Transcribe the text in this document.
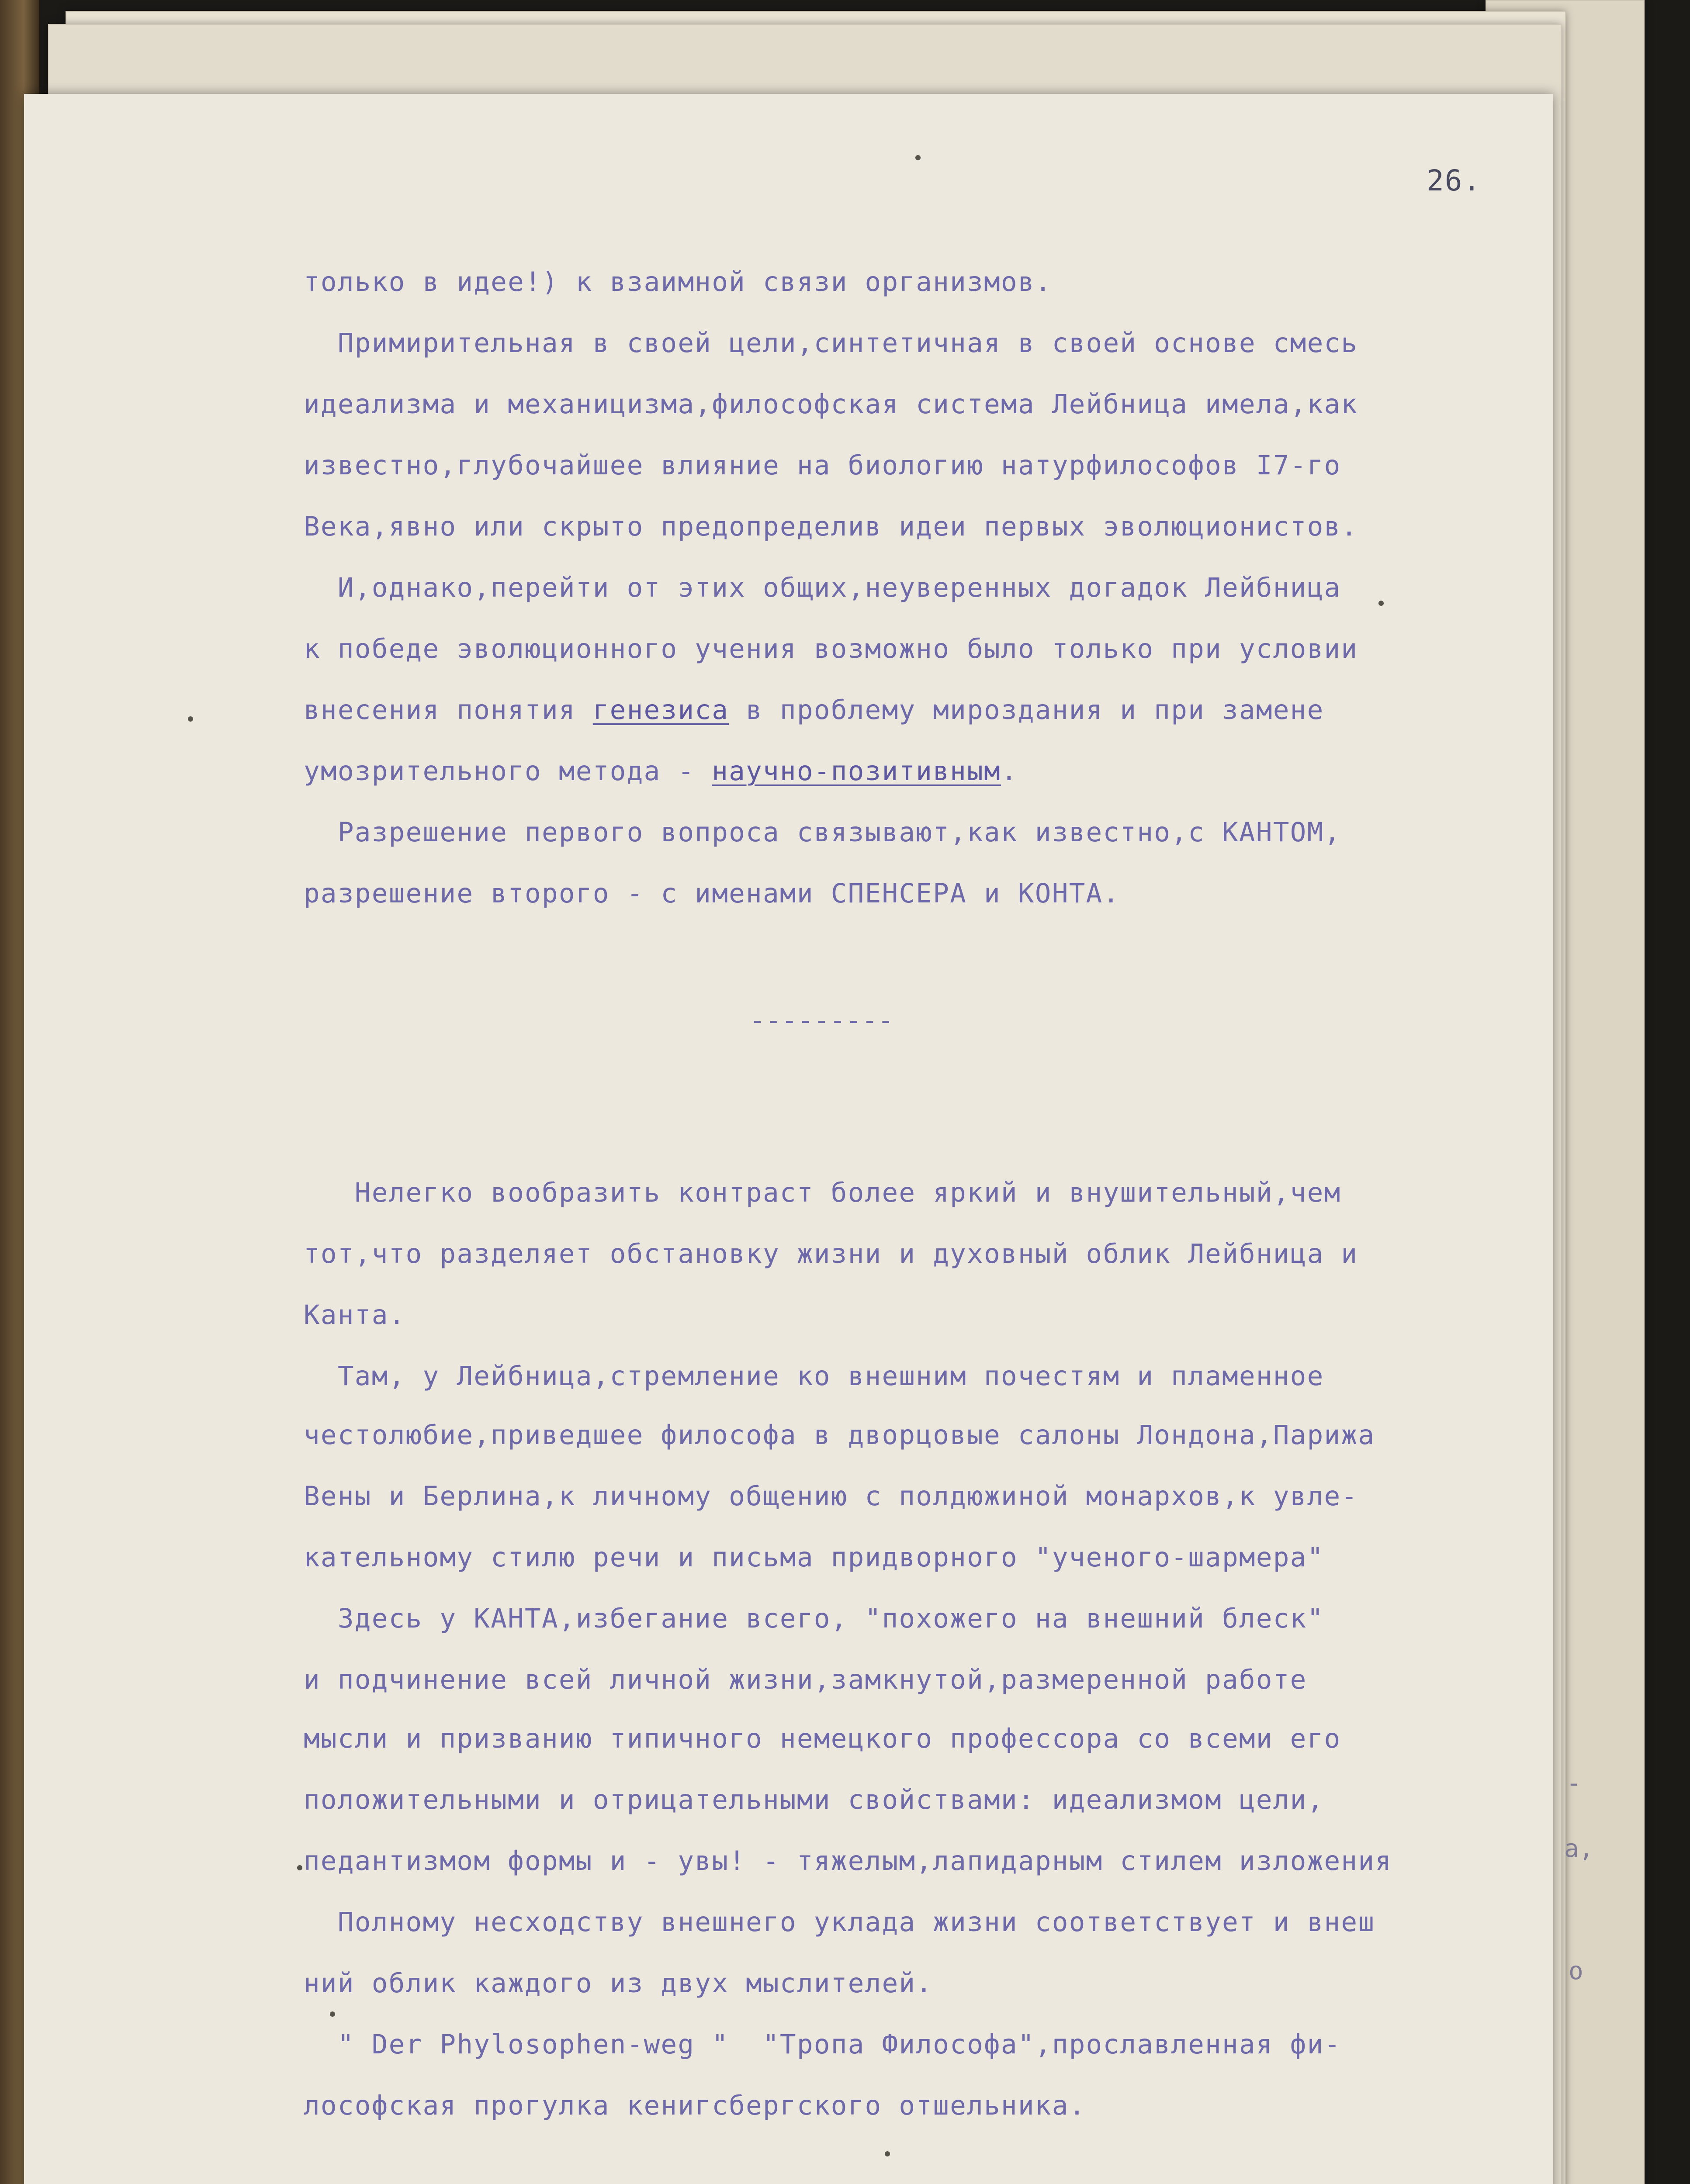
26.
только в идее!) к взаимной связи организмов.
Примирительная в своей цели,синтетичная в своей основе смесь
идеализма и механицизма,философская система Лейбница имела,как
известно,глубочайшее влияние на биологию натурфилософов I7-го
Века,явно или скрыто предопределив идеи первых эволюционистов.
И,однако,перейти от этих общих,неуверенных догадок Лейбница
к победе эволюционного учения возможно было только при условии
внесения понятия генезиса в проблему мироздания и при замене
умозрительного метода - научно-позитивным.
Разрешение первого вопроса связывают,как известно,с КАНТОМ,
разрешение второго - с именами СПЕНСЕРА и КОНТА.
---------
Нелегко вообразить контраст более яркий и внушительный,чем
тот,что разделяет обстановку жизни и духовный облик Лейбница и
Канта.
Там, у Лейбница,стремление ко внешним почестям и пламенное
честолюбие,приведшее философа в дворцовые салоны Лондона,Парижа
Вены и Берлина,к личному общению с полдюжиной монархов,к увле-
кательному стилю речи и письма придворного "ученого-шармера"
Здесь у КАНТА,избегание всего, "похожего на внешний блеск"
и подчинение всей личной жизни,замкнутой,размеренной работе
мысли и призванию типичного немецкого профессора со всеми его
положительными и отрицательными свойствами: идеализмом цели,
педантизмом формы и - увы! - тяжелым,лапидарным стилем изложения
Полному несходству внешнего уклада жизни соответствует и внеш
ний облик каждого из двух мыслителей.
" Der Phylosophen-weg "  "Тропа Философа",прославленная фи-
лософская прогулка кенигсбергского отшельника.
а,
о
-
